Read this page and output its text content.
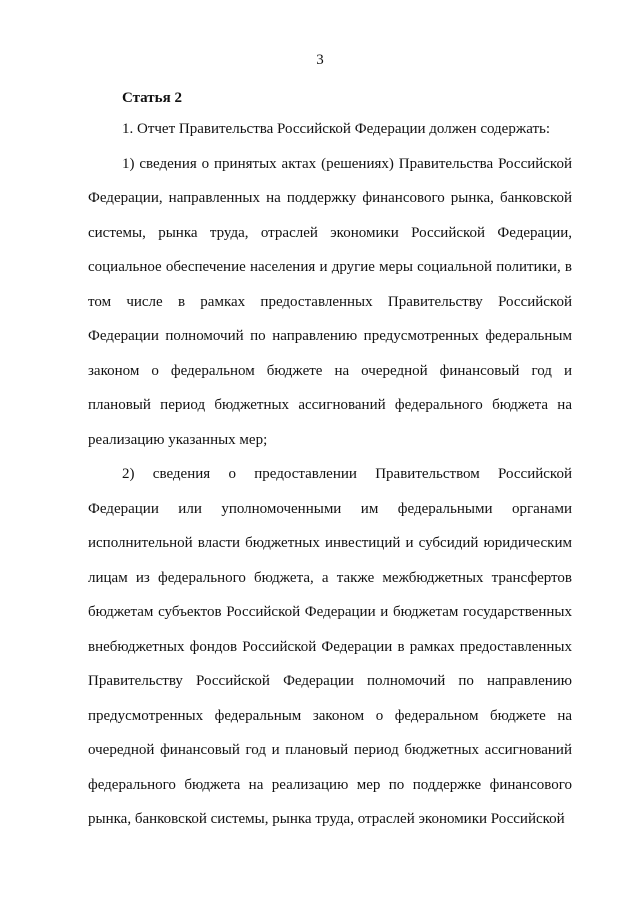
3
Статья 2

1. Отчет Правительства Российской Федерации должен содержать:

1) сведения о принятых актах (решениях) Правительства Российской Федерации, направленных на поддержку финансового рынка, банковской системы, рынка труда, отраслей экономики Российской Федерации, социальное обеспечение населения и другие меры социальной политики, в том числе в рамках предоставленных Правительству Российской Федерации полномочий по направлению предусмотренных федеральным законом о федеральном бюджете на очередной финансовый год и плановый период бюджетных ассигнований федерального бюджета на реализацию указанных мер;

2) сведения о предоставлении Правительством Российской Федерации или уполномоченными им федеральными органами исполнительной власти бюджетных инвестиций и субсидий юридическим лицам из федерального бюджета, а также межбюджетных трансфертов бюджетам субъектов Российской Федерации и бюджетам государственных внебюджетных фондов Российской Федерации в рамках предоставленных Правительству Российской Федерации полномочий по направлению предусмотренных федеральным законом о федеральном бюджете на очередной финансовый год и плановый период бюджетных ассигнований федерального бюджета на реализацию мер по поддержке финансового рынка, банковской системы, рынка труда, отраслей экономики Российской
